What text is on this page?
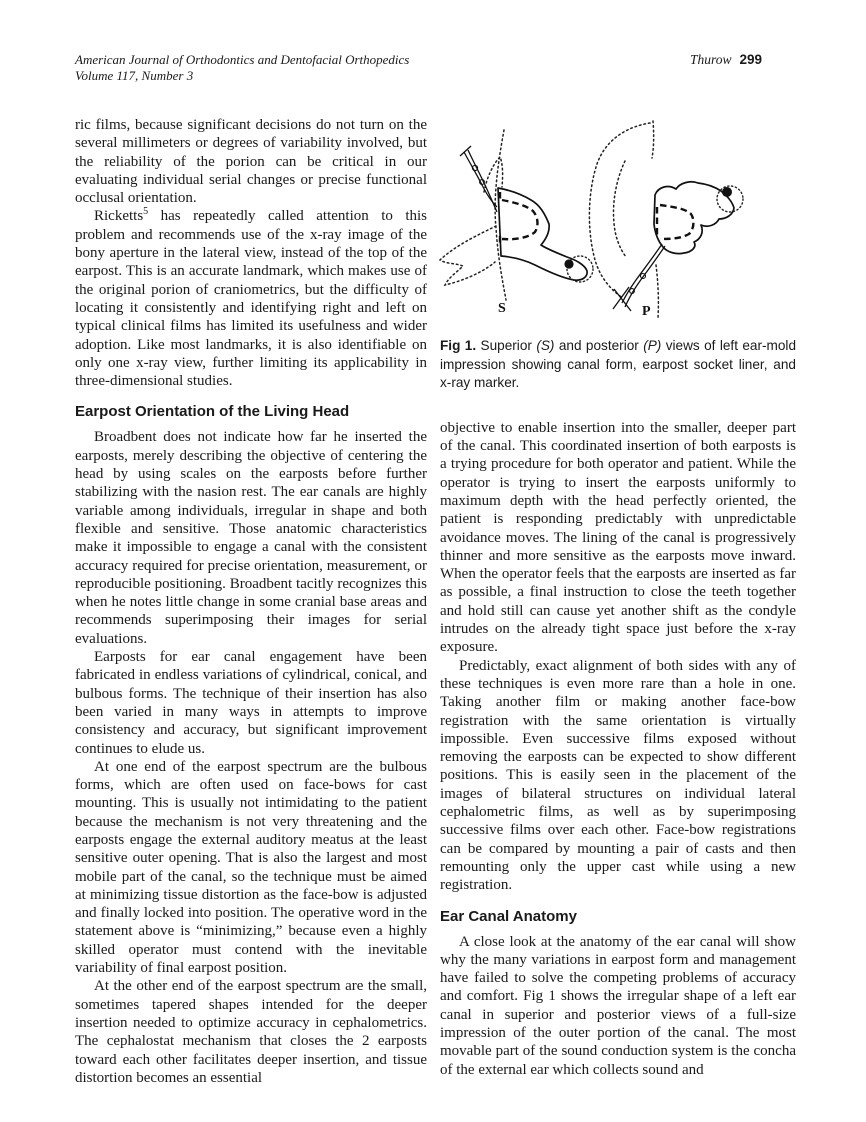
American Journal of Orthodontics and Dentofacial Orthopedics
Volume 117, Number 3
Thurow 299

ric films, because significant decisions do not turn on the several millimeters or degrees of variability involved, but the reliability of the porion can be critical in our evaluating individual serial changes or precise functional occlusal orientation.

Ricketts$^5$ has repeatedly called attention to this problem and recommends use of the x-ray image of the bony aperture in the lateral view, instead of the top of the earpost. This is an accurate landmark, which makes use of the original porion of craniometrics, but the difficulty of locating it consistently and identifying right and left on typical clinical films has limited its usefulness and wider adoption. Like most landmarks, it is also identifiable on only one x-ray view, further limiting its applicability in three-dimensional studies.

Earpost Orientation of the Living Head

Broadbent does not indicate how far he inserted the earposts, merely describing the objective of centering the head by using scales on the earposts before further stabilizing with the nasion rest. The ear canals are highly variable among individuals, irregular in shape and both flexible and sensitive. Those anatomic characteristics make it impossible to engage a canal with the consistent accuracy required for precise orientation, measurement, or reproducible positioning. Broadbent tacitly recognizes this when he notes little change in some cranial base areas and recommends superimposing their images for serial evaluations.

Earposts for ear canal engagement have been fabricated in endless variations of cylindrical, conical, and bulbous forms. The technique of their insertion has also been varied in many ways in attempts to improve consistency and accuracy, but significant improvement continues to elude us.

At one end of the earpost spectrum are the bulbous forms, which are often used on face-bows for cast mounting. This is usually not intimidating to the patient because the mechanism is not very threatening and the earposts engage the external auditory meatus at the least sensitive outer opening. That is also the largest and most mobile part of the canal, so the technique must be aimed at minimizing tissue distortion as the face-bow is adjusted and finally locked into position. The operative word in the statement above is “minimizing,” because even a highly skilled operator must contend with the inevitable variability of final earpost position.

At the other end of the earpost spectrum are the small, sometimes tapered shapes intended for the deeper insertion needed to optimize accuracy in cephalometrics. The cephalostat mechanism that closes the 2 earposts toward each other facilitates deeper insertion, and tissue distortion becomes an essential

S	P
Fig 1. Superior (S) and posterior (P) views of left ear-mold impression showing canal form, earpost socket liner, and x-ray marker.

objective to enable insertion into the smaller, deeper part of the canal. This coordinated insertion of both earposts is a trying procedure for both operator and patient. While the operator is trying to insert the earposts uniformly to maximum depth with the head perfectly oriented, the patient is responding predictably with unpredictable avoidance moves. The lining of the canal is progressively thinner and more sensitive as the earposts move inward. When the operator feels that the earposts are inserted as far as possible, a final instruction to close the teeth together and hold still can cause yet another shift as the condyle intrudes on the already tight space just before the x-ray exposure.

Predictably, exact alignment of both sides with any of these techniques is even more rare than a hole in one. Taking another film or making another face-bow registration with the same orientation is virtually impossible. Even successive films exposed without removing the earposts can be expected to show different positions. This is easily seen in the placement of the images of bilateral structures on individual lateral cephalometric films, as well as by superimposing successive films over each other. Face-bow registrations can be compared by mounting a pair of casts and then remounting only the upper cast while using a new registration.

Ear Canal Anatomy

A close look at the anatomy of the ear canal will show why the many variations in earpost form and management have failed to solve the competing problems of accuracy and comfort. Fig 1 shows the irregular shape of a left ear canal in superior and posterior views of a full-size impression of the outer portion of the canal. The most movable part of the sound conduction system is the concha of the external ear which collects sound and
